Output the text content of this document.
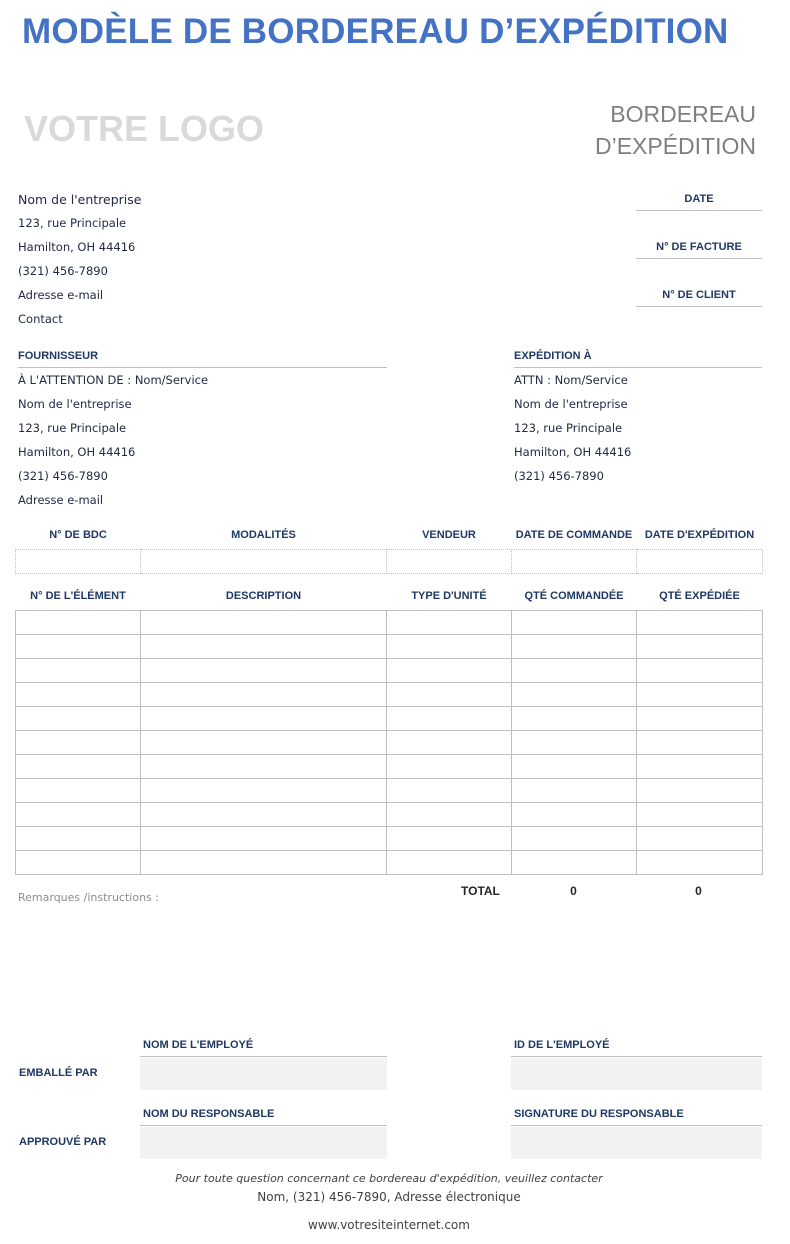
MODÈLE DE BORDEREAU D’EXPÉDITION
VOTRE LOGO	BORDEREAU
D’EXPÉDITION
Nom de l'entreprise
123, rue Principale
Hamilton, OH 44416
(321) 456-7890
Adresse e-mail
Contact
DATE
N° DE FACTURE
N° DE CLIENT
FOURNISSEUR
À L'ATTENTION DE : Nom/Service
Nom de l'entreprise
123, rue Principale
Hamilton, OH 44416
(321) 456-7890
Adresse e-mail
EXPÉDITION À
ATTN : Nom/Service
Nom de l'entreprise
123, rue Principale
Hamilton, OH 44416
(321) 456-7890
N° DE BDC	MODALITÉS	VENDEUR	DATE DE COMMANDE	DATE D'EXPÉDITION

N° DE L'ÉLÉMENT	DESCRIPTION	TYPE D'UNITÉ	QTÉ COMMANDÉE	QTÉ EXPÉDIÉE

Remarques /instructions :	TOTAL	0	0
NOM DE L'EMPLOYÉ	ID DE L'EMPLOYÉ
EMBALLÉ PAR
NOM DU RESPONSABLE	SIGNATURE DU RESPONSABLE
APPROUVÉ PAR
Pour toute question concernant ce bordereau d'expédition, veuillez contacter
Nom, (321) 456-7890, Adresse électronique
www.votresiteinternet.com
